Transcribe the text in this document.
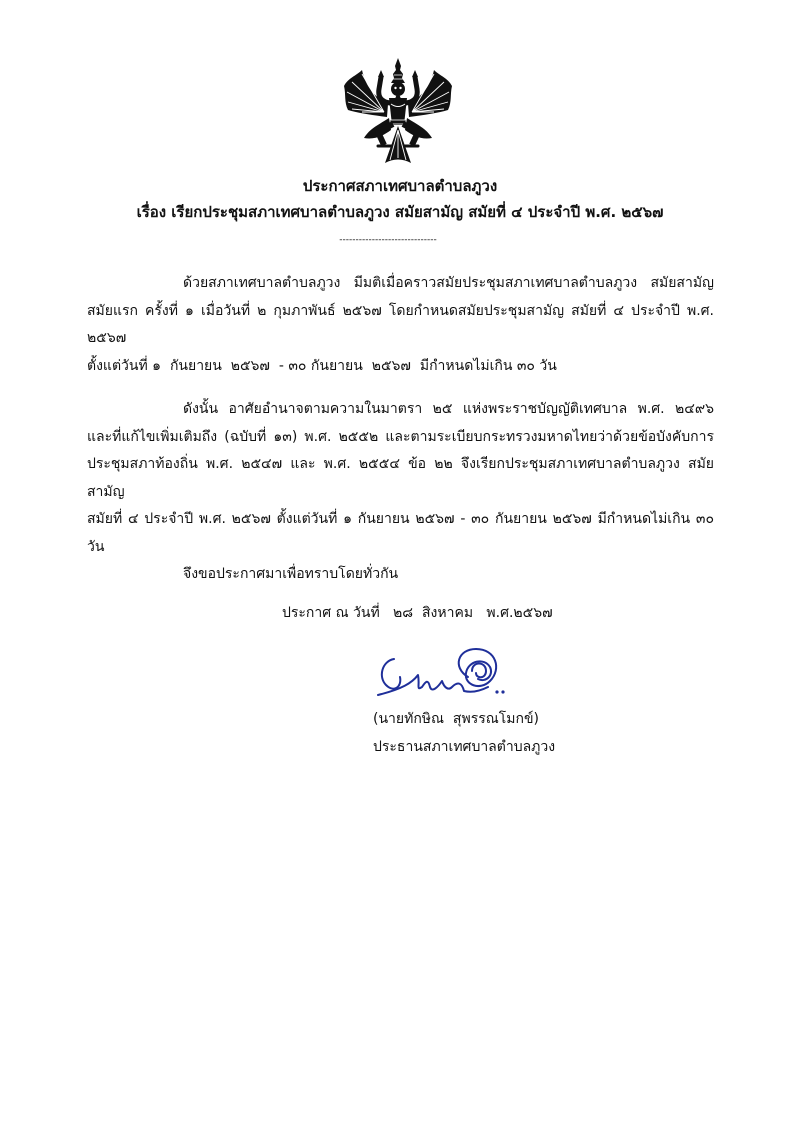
ประกาศสภาเทศบาลตำบลภูวง
เรื่อง เรียกประชุมสภาเทศบาลตำบลภูวง สมัยสามัญ สมัยที่ ๔ ประจำปี พ.ศ. ๒๕๖๗
------------------------------
ด้วยสภาเทศบาลตำบลภูวง มีมติเมื่อคราวสมัยประชุมสภาเทศบาลตำบลภูวง สมัยสามัญ
สมัยแรก ครั้งที่ ๑ เมื่อวันที่ ๒ กุมภาพันธ์ ๒๕๖๗ โดยกำหนดสมัยประชุมสามัญ สมัยที่ ๔ ประจำปี พ.ศ. ๒๕๖๗
ตั้งแต่วันที่ ๑  กันยายน  ๒๕๖๗  - ๓๐ กันยายน  ๒๕๖๗  มีกำหนดไม่เกิน ๓๐ วัน
ดังนั้น อาศัยอำนาจตามความในมาตรา ๒๕ แห่งพระราชบัญญัติเทศบาล พ.ศ. ๒๔๙๖
และที่แก้ไขเพิ่มเติมถึง (ฉบับที่ ๑๓) พ.ศ. ๒๕๕๒ และตามระเบียบกระทรวงมหาดไทยว่าด้วยข้อบังคับการ
ประชุมสภาท้องถิ่น พ.ศ. ๒๕๔๗ และ พ.ศ. ๒๕๕๔ ข้อ ๒๒ จึงเรียกประชุมสภาเทศบาลตำบลภูวง สมัยสามัญ
สมัยที่ ๔ ประจำปี พ.ศ. ๒๕๖๗ ตั้งแต่วันที่ ๑ กันยายน ๒๕๖๗ - ๓๐ กันยายน ๒๕๖๗ มีกำหนดไม่เกิน ๓๐ วัน
จึงขอประกาศมาเพื่อทราบโดยทั่วกัน
ประกาศ ณ วันที่   ๒๘  สิงหาคม   พ.ศ.๒๕๖๗
(นายทักษิณ  สุพรรณโมกข์)
ประธานสภาเทศบาลตำบลภูวง
